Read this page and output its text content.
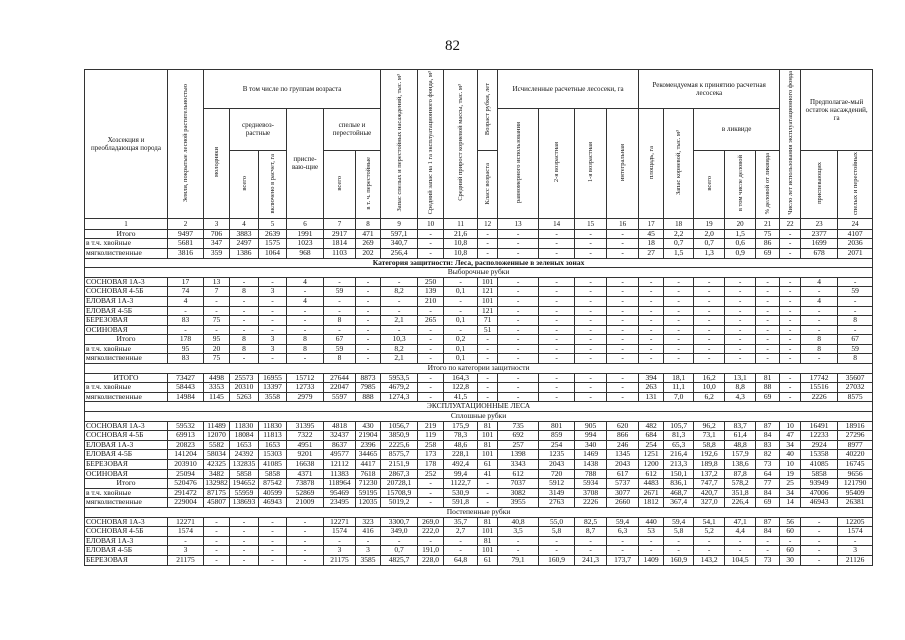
82
Хозсекция и преобладающая порода	Земли, покрытые лесной растительностью	В том числе по группам возраста						Запас спелых и перестойных насаждений, тыс. м³	Средний запас на 1 га эксплуатационного фонда, м³	Средний прирост корневой массы, тыс. м³	Возраст рубки, лет	Исчисленные расчетные лесосеки, га				Рекомендуемая к принятию расчетная лесосека					Число лет использования эксплуатационного фонда	Предполагае-мый остаток насаждений, га	
		молодняки	средневоз-растные		приспе-ваю-щие	спелые и перестойные						равномерного использования	2-я возрастная	1-я возрастная	интегральная	площадь, га	Запас корневой, тыс. м³	в ликвиде					
			всего	включено в расчет, га		всего	в т. ч. перестойные				Класс возраста							всего	в том числе деловой	% деловой от ликвида		приспевающих	спелых и перестойных
1	2	3	4	5	6	7	8	9	10	11	12	13	14	15	16	17	18	19	20	21	22	23	24
Итого	9497	706	3883	2639	1991	2917	471	597,1	-	21,6	-	-	-	-	-	45	2,2	2,0	1,5	75	-	2377	4107
в т.ч. хвойные	5681	347	2497	1575	1023	1814	269	340,7	-	10,8	-	-	-	-	-	18	0,7	0,7	0,6	86	-	1699	2036
мягколиственные	3816	359	1386	1064	968	1103	202	256,4	-	10,8	-	-	-	-	-	27	1,5	1,3	0,9	69	-	678	2071
Категория защитности: Леса, расположенные в зеленых зонах																							
Выборочные рубки																							
СОСНОВАЯ 1А-3	17	13	-	-	4	-	-	-	250	-	101	-	-	-	-	-	-	-	-	-	-	4	-
СОСНОВАЯ 4-5Б	74	7	8	3	-	59	-	8,2	139	0,1	121	-	-	-	-	-	-	-	-	-	-	-	59
ЕЛОВАЯ 1А-3	4	-	-	-	4	-	-	-	210	-	101	-	-	-	-	-	-	-	-	-	-	4	-
ЕЛОВАЯ 4-5Б	-	-	-	-	-	-	-	-	-	-	121	-	-	-	-	-	-	-	-	-	-	-	-
БЕРЕЗОВАЯ	83	75	-	-	-	8	-	2,1	265	0,1	71	-	-	-	-	-	-	-	-	-	-	-	8
ОСИНОВАЯ	-	-	-	-	-	-	-	-	-	-	51	-	-	-	-	-	-	-	-	-	-	-	-
Итого	178	95	8	3	8	67	-	10,3	-	0,2	-	-	-	-	-	-	-	-	-	-	-	8	67
в т.ч. хвойные	95	20	8	3	8	59	-	8,2	-	0,1	-	-	-	-	-	-	-	-	-	-	-	8	59
мягколиственные	83	75	-	-	-	8	-	2,1	-	0,1	-	-	-	-	-	-	-	-	-	-	-	-	8
Итого по категории защитности																							
ИТОГО	73427	4498	25573	16955	15712	27644	8873	5953,5	-	164,3	-	-	-	-	-	394	18,1	16,2	13,1	81	-	17742	35607
в т.ч. хвойные	58443	3353	20310	13397	12733	22047	7985	4679,2	-	122,8	-	-	-	-	-	263	11,1	10,0	8,8	88	-	15516	27032
мягколиственные	14984	1145	5263	3558	2979	5597	888	1274,3	-	41,5	-	-	-	-	-	131	7,0	6,2	4,3	69	-	2226	8575
ЭКСПЛУАТАЦИОННЫЕ ЛЕСА																							
Сплошные рубки																							
СОСНОВАЯ 1А-3	59532	11489	11830	11830	31395	4818	430	1056,7	219	175,9	81	735	801	905	620	482	105,7	96,2	83,7	87	10	16491	18916
СОСНОВАЯ 4-5Б	69913	12070	18084	11813	7322	32437	21904	3850,9	119	78,3	101	692	859	994	866	684	81,3	73,1	61,4	84	47	12233	27296
ЕЛОВАЯ 1А-3	20823	5582	1653	1653	4951	8637	2396	2225,6	258	48,6	81	257	254	340	246	254	65,3	58,8	48,8	83	34	2924	8977
ЕЛОВАЯ 4-5Б	141204	58034	24392	15303	9201	49577	34465	8575,7	173	228,1	101	1398	1235	1469	1345	1251	216,4	192,6	157,9	82	40	15358	40220
БЕРЕЗОВАЯ	203910	42325	132835	41085	16638	12112	4417	2151,9	178	492,4	61	3343	2043	1438	2043	1200	213,3	189,8	138,6	73	10	41085	16745
ОСИНОВАЯ	25094	3482	5858	5858	4371	11383	7618	2867,3	252	99,4	41	612	720	788	617	612	150,1	137,2	87,8	64	19	5858	9656
Итого	520476	132982	194652	87542	73878	118964	71230	20728,1	-	1122,7	-	7037	5912	5934	5737	4483	836,1	747,7	578,2	77	25	93949	121790
в т.ч. хвойные	291472	87175	55959	40599	52869	95469	59195	15708,9	-	530,9	-	3082	3149	3708	3077	2671	468,7	420,7	351,8	84	34	47006	95409
мягколиственные	229004	45807	138693	46943	21009	23495	12035	5019,2	-	591,8	-	3955	2763	2226	2660	1812	367,4	327,0	226,4	69	14	46943	26381
Постепенные рубки																							
СОСНОВАЯ 1А-3	12271	-	-	-	-	12271	323	3300,7	269,0	35,7	81	40,8	55,0	82,5	59,4	440	59,4	54,1	47,1	87	56	-	12205
СОСНОВАЯ 4-5Б	1574	-	-	-	-	1574	416	349,0	222,0	2,7	101	3,5	5,8	8,7	6,3	53	5,8	5,2	4,4	84	60	-	1574
ЕЛОВАЯ 1А-3	-	-	-	-	-	-	-	-	-	-	81	-	-	-	-	-	-	-	-	-	-	-	-
ЕЛОВАЯ 4-5Б	3	-	-	-	-	3	3	0,7	191,0	-	101	-	-	-	-	-	-	-	-	-	60	-	3
БЕРЕЗОВАЯ	21175	-	-	-	-	21175	3585	4825,7	228,0	64,8	61	79,1	160,9	241,3	173,7	1409	160,9	143,2	104,5	73	30	-	21126
